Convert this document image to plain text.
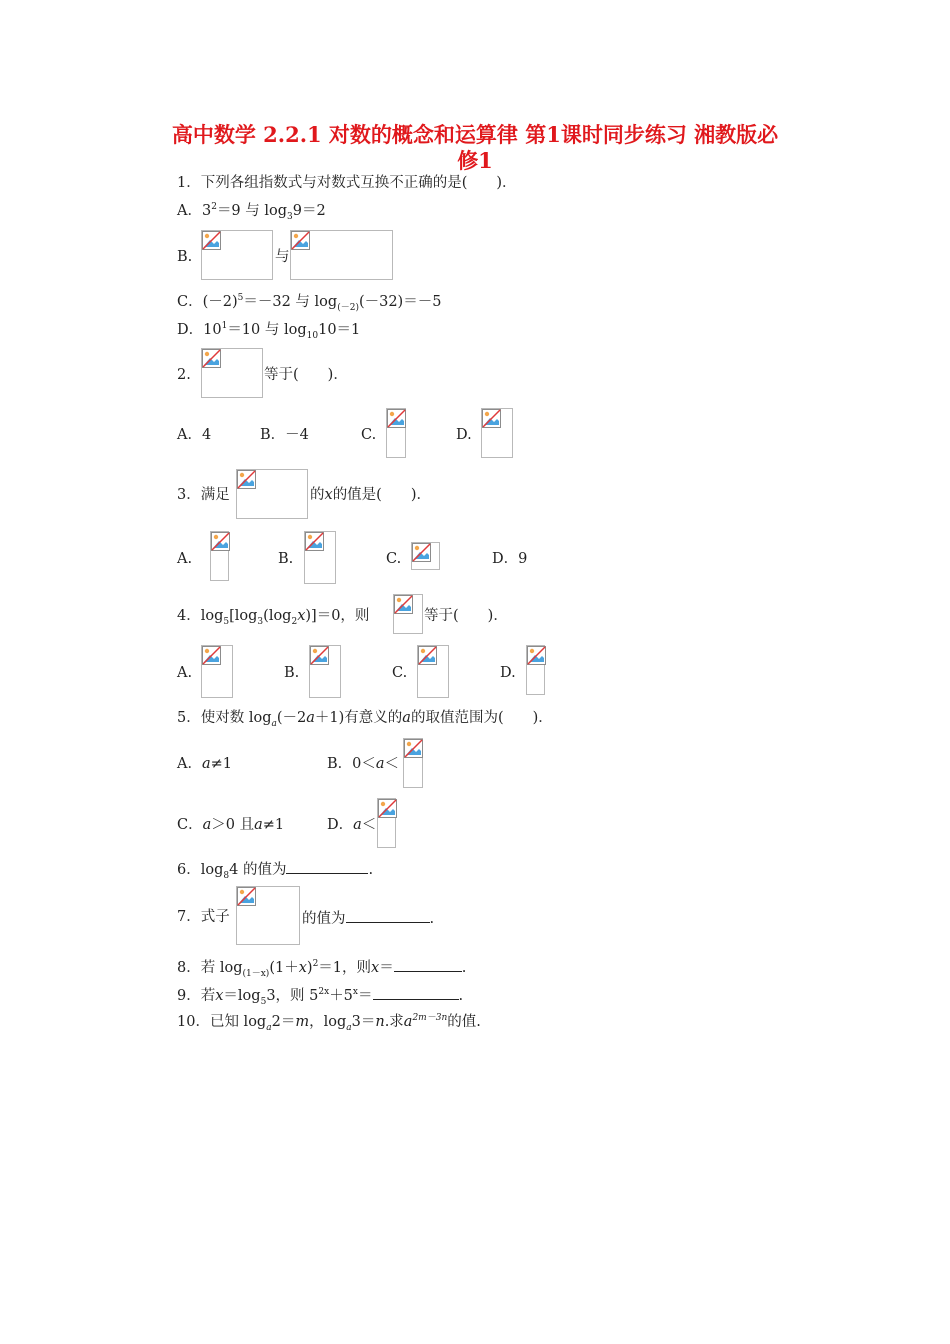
高中数学 2.2.1 对数的概念和运算律 第1课时同步练习 湘教版必
修1
1．下列各组指数式与对数式互换不正确的是(　　)．
A．$3^2=9$ 与 $\log_39=2$
B.	与
C．$(-2)^5=-32$ 与 $\log_{(-2)}(-32)=-5$
D．$10^1=10$ 与 $\log_{10}10=1$
2.	等于(　　)．
A．4	B．－4	C.	D.
3．满足	的x的值是(　　)．
A.	B.	C.	D．9
4．$\log_5[\log_3(\log_2x)]=0$，则	等于(　　)．
A.	B.	C.	D.
5．使对数 $\log_a(-2a+1)$有意义的a的取值范围为(　　)．
A．a≠1	B．0＜a＜
C．a＞0 且a≠1	D．a＜
6．$\log_84$ 的值为	.
7．式子	的值为	.
8．若 $\log_{(1-x)}(1+x)^2=1$，则x＝	.
9．若$x=\log_53$，则 $5^{2x}+5^x=$	.
10．已知 $\log_a2=m$，$\log_a3=n$.求$a^{2m-3n}$的值.
